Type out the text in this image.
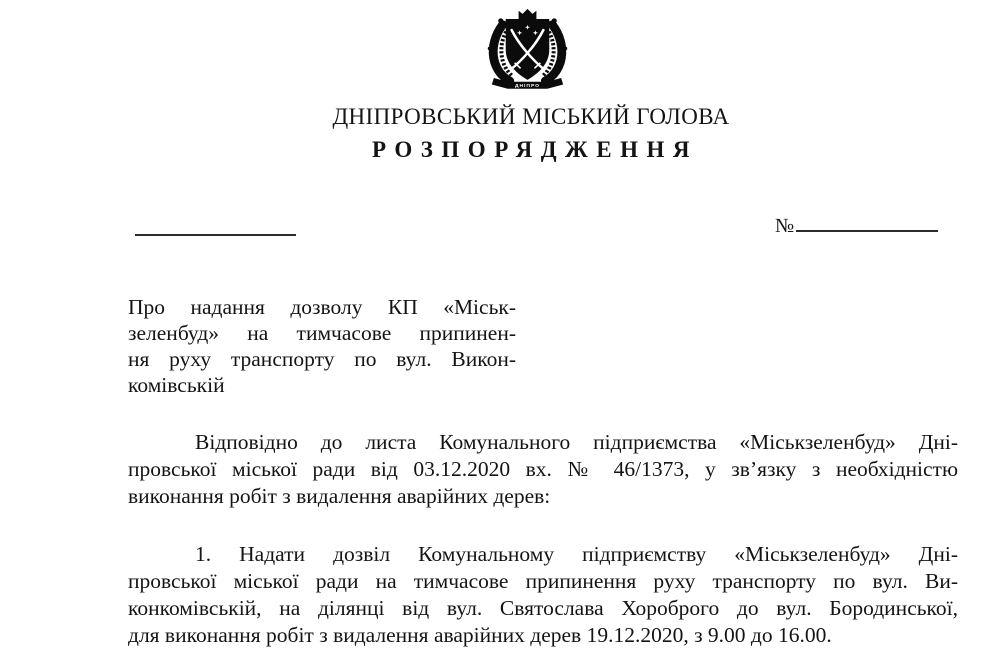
ДНІПРО
ДНІПРОВСЬКИЙ МІСЬКИЙ ГОЛОВА
РОЗПОРЯДЖЕННЯ
№
Про надання дозволу КП «Міськ-
зеленбуд» на тимчасове припинен-
ня руху транспорту по вул. Викон-
комівській
Відповідно до листа Комунального підприємства «Міськзеленбуд» Дні-
провської міської ради від 03.12.2020 вх. № 46/1373, у зв’язку з необхідністю
виконання робіт з видалення аварійних дерев:
1. Надати дозвіл Комунальному підприємству «Міськзеленбуд» Дні-
провської міської ради на тимчасове припинення руху транспорту по вул. Ви-
конкомівській, на ділянці від вул. Святослава Хороброго до вул. Бородинської,
для виконання робіт з видалення аварійних дерев 19.12.2020, з 9.00 до 16.00.
